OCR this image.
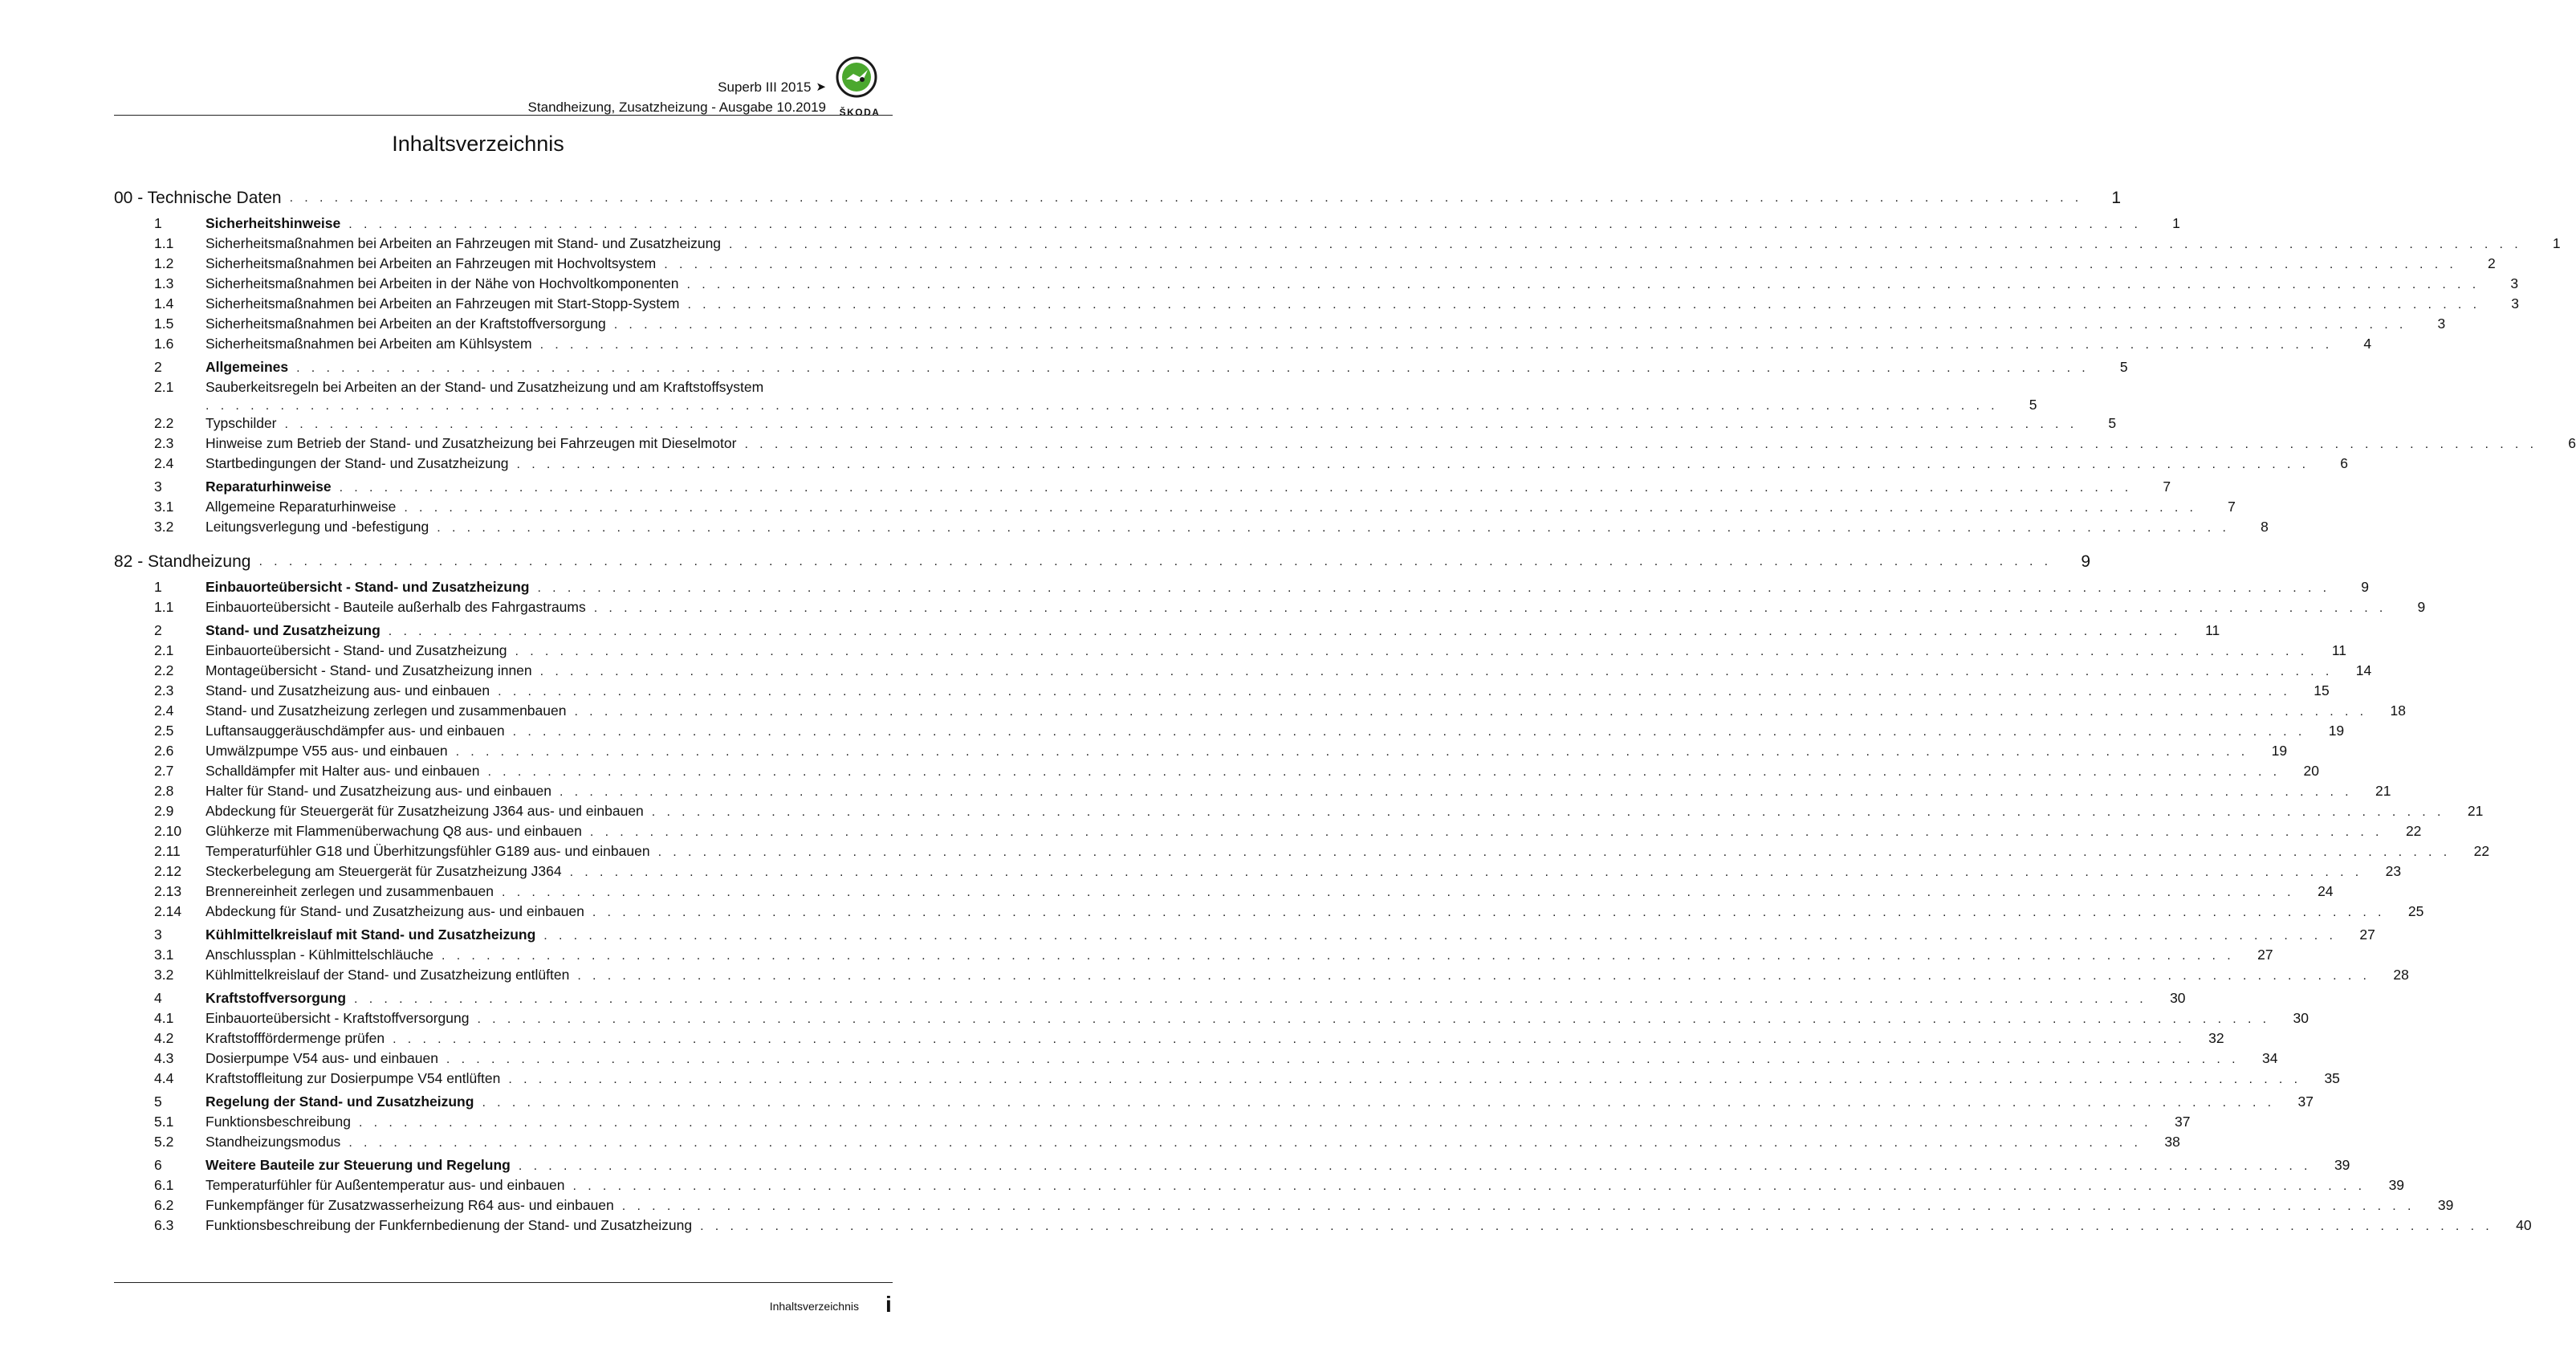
Superb III 2015 ➤
Standheizung, Zusatzheizung - Ausgabe 10.2019	ŠKODA
Inhaltsverzeichnis
00 - Technische Daten . . . . . . . . . . . . . . . . . . . . . . . . . . . . . . . . . . . . . . . . . . . . . . . . . . . . . . . . . . . . . . . . . . . . . . . . . . . . . . . . . . . . . . . . . . . . . . . . . . . . . . . . . . . . . . . . . . . . . . . .	1
1	Sicherheitshinweise . . . . . . . . . . . . . . . . . . . . . . . . . . . . . . . . . . . . . . . . . . . . . . . . . . . . . . . . . . . . . . . . . . . . . . . . . . . . . . . . . . . . . . . . . . . . . . . . . . . . . . . . . . . . . . . . . . . . . . . .	1
1.1 Sicherheitsmaßnahmen bei Arbeiten an Fahrzeugen mit Stand- und Zusatzheizung . . . . . . . . . . . . . . . . . . . . . . . . . . . . . . . . . . . . . . . . . . . . . . . . . . . . . . . . . . . . . . . . . . . . . . . . . . . . . . . . . . . . . . . . . . . . . . . . . . . . . . . . . . . . . . . . . . . . . . . .	1
1.2 Sicherheitsmaßnahmen bei Arbeiten an Fahrzeugen mit Hochvoltsystem . . . . . . . . . . . . . . . . . . . . . . . . . . . . . . . . . . . . . . . . . . . . . . . . . . . . . . . . . . . . . . . . . . . . . . . . . . . . . . . . . . . . . . . . . . . . . . . . . . . . . . . . . . . . . . . . . . . . . . . .	2
1.3 Sicherheitsmaßnahmen bei Arbeiten in der Nähe von Hochvoltkomponenten . . . . . . . . . . . . . . . . . . . . . . . . . . . . . . . . . . . . . . . . . . . . . . . . . . . . . . . . . . . . . . . . . . . . . . . . . . . . . . . . . . . . . . . . . . . . . . . . . . . . . . . . . . . . . . . . . . . . . . . .	3
1.4 Sicherheitsmaßnahmen bei Arbeiten an Fahrzeugen mit Start-Stopp-System . . . . . . . . . . . . . . . . . . . . . . . . . . . . . . . . . . . . . . . . . . . . . . . . . . . . . . . . . . . . . . . . . . . . . . . . . . . . . . . . . . . . . . . . . . . . . . . . . . . . . . . . . . . . . . . . . . . . . . . .	3
1.5 Sicherheitsmaßnahmen bei Arbeiten an der Kraftstoffversorgung . . . . . . . . . . . . . . . . . . . . . . . . . . . . . . . . . . . . . . . . . . . . . . . . . . . . . . . . . . . . . . . . . . . . . . . . . . . . . . . . . . . . . . . . . . . . . . . . . . . . . . . . . . . . . . . . . . . . . . . .	3
1.6 Sicherheitsmaßnahmen bei Arbeiten am Kühlsystem . . . . . . . . . . . . . . . . . . . . . . . . . . . . . . . . . . . . . . . . . . . . . . . . . . . . . . . . . . . . . . . . . . . . . . . . . . . . . . . . . . . . . . . . . . . . . . . . . . . . . . . . . . . . . . . . . . . . . . . .	4
2	Allgemeines . . . . . . . . . . . . . . . . . . . . . . . . . . . . . . . . . . . . . . . . . . . . . . . . . . . . . . . . . . . . . . . . . . . . . . . . . . . . . . . . . . . . . . . . . . . . . . . . . . . . . . . . . . . . . . . . . . . . . . . .	5
2.1 Sauberkeitsregeln bei Arbeiten an der Stand- und Zusatzheizung und am Kraftstoffsystem
. . . . . . . . . . . . . . . . . . . . . . . . . . . . . . . . . . . . . . . . . . . . . . . . . . . . . . . . . . . . . . . . . . . . . . . . . . . . . . . . . . . . . . . . . . . . . . . . . . . . . . . . . . . . . . . . . . . . . . . .	5
2.2 Typschilder . . . . . . . . . . . . . . . . . . . . . . . . . . . . . . . . . . . . . . . . . . . . . . . . . . . . . . . . . . . . . . . . . . . . . . . . . . . . . . . . . . . . . . . . . . . . . . . . . . . . . . . . . . . . . . . . . . . . . . . .	5
2.3 Hinweise zum Betrieb der Stand- und Zusatzheizung bei Fahrzeugen mit Dieselmotor . . . . . . . . . . . . . . . . . . . . . . . . . . . . . . . . . . . . . . . . . . . . . . . . . . . . . . . . . . . . . . . . . . . . . . . . . . . . . . . . . . . . . . . . . . . . . . . . . . . . . . . . . . . . . . . . . . . . . . . .	6
2.4 Startbedingungen der Stand- und Zusatzheizung . . . . . . . . . . . . . . . . . . . . . . . . . . . . . . . . . . . . . . . . . . . . . . . . . . . . . . . . . . . . . . . . . . . . . . . . . . . . . . . . . . . . . . . . . . . . . . . . . . . . . . . . . . . . . . . . . . . . . . . .	6
3	Reparaturhinweise . . . . . . . . . . . . . . . . . . . . . . . . . . . . . . . . . . . . . . . . . . . . . . . . . . . . . . . . . . . . . . . . . . . . . . . . . . . . . . . . . . . . . . . . . . . . . . . . . . . . . . . . . . . . . . . . . . . . . . . .	7
3.1 Allgemeine Reparaturhinweise . . . . . . . . . . . . . . . . . . . . . . . . . . . . . . . . . . . . . . . . . . . . . . . . . . . . . . . . . . . . . . . . . . . . . . . . . . . . . . . . . . . . . . . . . . . . . . . . . . . . . . . . . . . . . . . . . . . . . . . .	7
3.2 Leitungsverlegung und -befestigung . . . . . . . . . . . . . . . . . . . . . . . . . . . . . . . . . . . . . . . . . . . . . . . . . . . . . . . . . . . . . . . . . . . . . . . . . . . . . . . . . . . . . . . . . . . . . . . . . . . . . . . . . . . . . . . . . . . . . . . .	8
82 - Standheizung . . . . . . . . . . . . . . . . . . . . . . . . . . . . . . . . . . . . . . . . . . . . . . . . . . . . . . . . . . . . . . . . . . . . . . . . . . . . . . . . . . . . . . . . . . . . . . . . . . . . . . . . . . . . . . . . . . . . . . . .	9
1	Einbauorteübersicht - Stand- und Zusatzheizung . . . . . . . . . . . . . . . . . . . . . . . . . . . . . . . . . . . . . . . . . . . . . . . . . . . . . . . . . . . . . . . . . . . . . . . . . . . . . . . . . . . . . . . . . . . . . . . . . . . . . . . . . . . . . . . . . . . . . . . .	9
1.1 Einbauorteübersicht - Bauteile außerhalb des Fahrgastraums . . . . . . . . . . . . . . . . . . . . . . . . . . . . . . . . . . . . . . . . . . . . . . . . . . . . . . . . . . . . . . . . . . . . . . . . . . . . . . . . . . . . . . . . . . . . . . . . . . . . . . . . . . . . . . . . . . . . . . . .	9
2	Stand- und Zusatzheizung . . . . . . . . . . . . . . . . . . . . . . . . . . . . . . . . . . . . . . . . . . . . . . . . . . . . . . . . . . . . . . . . . . . . . . . . . . . . . . . . . . . . . . . . . . . . . . . . . . . . . . . . . . . . . . . . . . . . . . . .	11
2.1 Einbauorteübersicht - Stand- und Zusatzheizung . . . . . . . . . . . . . . . . . . . . . . . . . . . . . . . . . . . . . . . . . . . . . . . . . . . . . . . . . . . . . . . . . . . . . . . . . . . . . . . . . . . . . . . . . . . . . . . . . . . . . . . . . . . . . . . . . . . . . . . .	11
2.2 Montageübersicht - Stand- und Zusatzheizung innen . . . . . . . . . . . . . . . . . . . . . . . . . . . . . . . . . . . . . . . . . . . . . . . . . . . . . . . . . . . . . . . . . . . . . . . . . . . . . . . . . . . . . . . . . . . . . . . . . . . . . . . . . . . . . . . . . . . . . . . .	14
2.3 Stand- und Zusatzheizung aus- und einbauen . . . . . . . . . . . . . . . . . . . . . . . . . . . . . . . . . . . . . . . . . . . . . . . . . . . . . . . . . . . . . . . . . . . . . . . . . . . . . . . . . . . . . . . . . . . . . . . . . . . . . . . . . . . . . . . . . . . . . . . .	15
2.4 Stand- und Zusatzheizung zerlegen und zusammenbauen . . . . . . . . . . . . . . . . . . . . . . . . . . . . . . . . . . . . . . . . . . . . . . . . . . . . . . . . . . . . . . . . . . . . . . . . . . . . . . . . . . . . . . . . . . . . . . . . . . . . . . . . . . . . . . . . . . . . . . . .	18
2.5 Luftansauggeräuschdämpfer aus- und einbauen . . . . . . . . . . . . . . . . . . . . . . . . . . . . . . . . . . . . . . . . . . . . . . . . . . . . . . . . . . . . . . . . . . . . . . . . . . . . . . . . . . . . . . . . . . . . . . . . . . . . . . . . . . . . . . . . . . . . . . . .	19
2.6 Umwälzpumpe V55 aus- und einbauen . . . . . . . . . . . . . . . . . . . . . . . . . . . . . . . . . . . . . . . . . . . . . . . . . . . . . . . . . . . . . . . . . . . . . . . . . . . . . . . . . . . . . . . . . . . . . . . . . . . . . . . . . . . . . . . . . . . . . . . .	19
2.7 Schalldämpfer mit Halter aus- und einbauen . . . . . . . . . . . . . . . . . . . . . . . . . . . . . . . . . . . . . . . . . . . . . . . . . . . . . . . . . . . . . . . . . . . . . . . . . . . . . . . . . . . . . . . . . . . . . . . . . . . . . . . . . . . . . . . . . . . . . . . .	20
2.8 Halter für Stand- und Zusatzheizung aus- und einbauen . . . . . . . . . . . . . . . . . . . . . . . . . . . . . . . . . . . . . . . . . . . . . . . . . . . . . . . . . . . . . . . . . . . . . . . . . . . . . . . . . . . . . . . . . . . . . . . . . . . . . . . . . . . . . . . . . . . . . . . .	21
2.9 Abdeckung für Steuergerät für Zusatzheizung J364 aus- und einbauen . . . . . . . . . . . . . . . . . . . . . . . . . . . . . . . . . . . . . . . . . . . . . . . . . . . . . . . . . . . . . . . . . . . . . . . . . . . . . . . . . . . . . . . . . . . . . . . . . . . . . . . . . . . . . . . . . . . . . . . .	21
2.10 Glühkerze mit Flammenüberwachung Q8 aus- und einbauen . . . . . . . . . . . . . . . . . . . . . . . . . . . . . . . . . . . . . . . . . . . . . . . . . . . . . . . . . . . . . . . . . . . . . . . . . . . . . . . . . . . . . . . . . . . . . . . . . . . . . . . . . . . . . . . . . . . . . . . .	22
2.11 Temperaturfühler G18 und Überhitzungsfühler G189 aus- und einbauen . . . . . . . . . . . . . . . . . . . . . . . . . . . . . . . . . . . . . . . . . . . . . . . . . . . . . . . . . . . . . . . . . . . . . . . . . . . . . . . . . . . . . . . . . . . . . . . . . . . . . . . . . . . . . . . . . . . . . . . .	22
2.12 Steckerbelegung am Steuergerät für Zusatzheizung J364 . . . . . . . . . . . . . . . . . . . . . . . . . . . . . . . . . . . . . . . . . . . . . . . . . . . . . . . . . . . . . . . . . . . . . . . . . . . . . . . . . . . . . . . . . . . . . . . . . . . . . . . . . . . . . . . . . . . . . . . .	23
2.13 Brennereinheit zerlegen und zusammenbauen . . . . . . . . . . . . . . . . . . . . . . . . . . . . . . . . . . . . . . . . . . . . . . . . . . . . . . . . . . . . . . . . . . . . . . . . . . . . . . . . . . . . . . . . . . . . . . . . . . . . . . . . . . . . . . . . . . . . . . . .	24
2.14 Abdeckung für Stand- und Zusatzheizung aus- und einbauen . . . . . . . . . . . . . . . . . . . . . . . . . . . . . . . . . . . . . . . . . . . . . . . . . . . . . . . . . . . . . . . . . . . . . . . . . . . . . . . . . . . . . . . . . . . . . . . . . . . . . . . . . . . . . . . . . . . . . . . .	25
3	Kühlmittelkreislauf mit Stand- und Zusatzheizung . . . . . . . . . . . . . . . . . . . . . . . . . . . . . . . . . . . . . . . . . . . . . . . . . . . . . . . . . . . . . . . . . . . . . . . . . . . . . . . . . . . . . . . . . . . . . . . . . . . . . . . . . . . . . . . . . . . . . . . .	27
3.1 Anschlussplan - Kühlmittelschläuche . . . . . . . . . . . . . . . . . . . . . . . . . . . . . . . . . . . . . . . . . . . . . . . . . . . . . . . . . . . . . . . . . . . . . . . . . . . . . . . . . . . . . . . . . . . . . . . . . . . . . . . . . . . . . . . . . . . . . . . .	27
3.2 Kühlmittelkreislauf der Stand- und Zusatzheizung entlüften . . . . . . . . . . . . . . . . . . . . . . . . . . . . . . . . . . . . . . . . . . . . . . . . . . . . . . . . . . . . . . . . . . . . . . . . . . . . . . . . . . . . . . . . . . . . . . . . . . . . . . . . . . . . . . . . . . . . . . . .	28
4	Kraftstoffversorgung . . . . . . . . . . . . . . . . . . . . . . . . . . . . . . . . . . . . . . . . . . . . . . . . . . . . . . . . . . . . . . . . . . . . . . . . . . . . . . . . . . . . . . . . . . . . . . . . . . . . . . . . . . . . . . . . . . . . . . . .	30
4.1 Einbauorteübersicht - Kraftstoffversorgung . . . . . . . . . . . . . . . . . . . . . . . . . . . . . . . . . . . . . . . . . . . . . . . . . . . . . . . . . . . . . . . . . . . . . . . . . . . . . . . . . . . . . . . . . . . . . . . . . . . . . . . . . . . . . . . . . . . . . . . .	30
4.2 Kraftstofffördermenge prüfen . . . . . . . . . . . . . . . . . . . . . . . . . . . . . . . . . . . . . . . . . . . . . . . . . . . . . . . . . . . . . . . . . . . . . . . . . . . . . . . . . . . . . . . . . . . . . . . . . . . . . . . . . . . . . . . . . . . . . . . .	32
4.3 Dosierpumpe V54 aus- und einbauen . . . . . . . . . . . . . . . . . . . . . . . . . . . . . . . . . . . . . . . . . . . . . . . . . . . . . . . . . . . . . . . . . . . . . . . . . . . . . . . . . . . . . . . . . . . . . . . . . . . . . . . . . . . . . . . . . . . . . . . .	34
4.4 Kraftstoffleitung zur Dosierpumpe V54 entlüften . . . . . . . . . . . . . . . . . . . . . . . . . . . . . . . . . . . . . . . . . . . . . . . . . . . . . . . . . . . . . . . . . . . . . . . . . . . . . . . . . . . . . . . . . . . . . . . . . . . . . . . . . . . . . . . . . . . . . . . .	35
5	Regelung der Stand- und Zusatzheizung . . . . . . . . . . . . . . . . . . . . . . . . . . . . . . . . . . . . . . . . . . . . . . . . . . . . . . . . . . . . . . . . . . . . . . . . . . . . . . . . . . . . . . . . . . . . . . . . . . . . . . . . . . . . . . . . . . . . . . . .	37
5.1 Funktionsbeschreibung . . . . . . . . . . . . . . . . . . . . . . . . . . . . . . . . . . . . . . . . . . . . . . . . . . . . . . . . . . . . . . . . . . . . . . . . . . . . . . . . . . . . . . . . . . . . . . . . . . . . . . . . . . . . . . . . . . . . . . . .	37
5.2 Standheizungsmodus . . . . . . . . . . . . . . . . . . . . . . . . . . . . . . . . . . . . . . . . . . . . . . . . . . . . . . . . . . . . . . . . . . . . . . . . . . . . . . . . . . . . . . . . . . . . . . . . . . . . . . . . . . . . . . . . . . . . . . . .	38
6	Weitere Bauteile zur Steuerung und Regelung . . . . . . . . . . . . . . . . . . . . . . . . . . . . . . . . . . . . . . . . . . . . . . . . . . . . . . . . . . . . . . . . . . . . . . . . . . . . . . . . . . . . . . . . . . . . . . . . . . . . . . . . . . . . . . . . . . . . . . . .	39
6.1 Temperaturfühler für Außentemperatur aus- und einbauen . . . . . . . . . . . . . . . . . . . . . . . . . . . . . . . . . . . . . . . . . . . . . . . . . . . . . . . . . . . . . . . . . . . . . . . . . . . . . . . . . . . . . . . . . . . . . . . . . . . . . . . . . . . . . . . . . . . . . . . .	39
6.2 Funkempfänger für Zusatzwasserheizung R64 aus- und einbauen . . . . . . . . . . . . . . . . . . . . . . . . . . . . . . . . . . . . . . . . . . . . . . . . . . . . . . . . . . . . . . . . . . . . . . . . . . . . . . . . . . . . . . . . . . . . . . . . . . . . . . . . . . . . . . . . . . . . . . . .	39
6.3 Funktionsbeschreibung der Funkfernbedienung der Stand- und Zusatzheizung . . . . . . . . . . . . . . . . . . . . . . . . . . . . . . . . . . . . . . . . . . . . . . . . . . . . . . . . . . . . . . . . . . . . . . . . . . . . . . . . . . . . . . . . . . . . . . . . . . . . . . . . . . . . . . . . . . . . . . . .	40
Inhaltsverzeichnis i
